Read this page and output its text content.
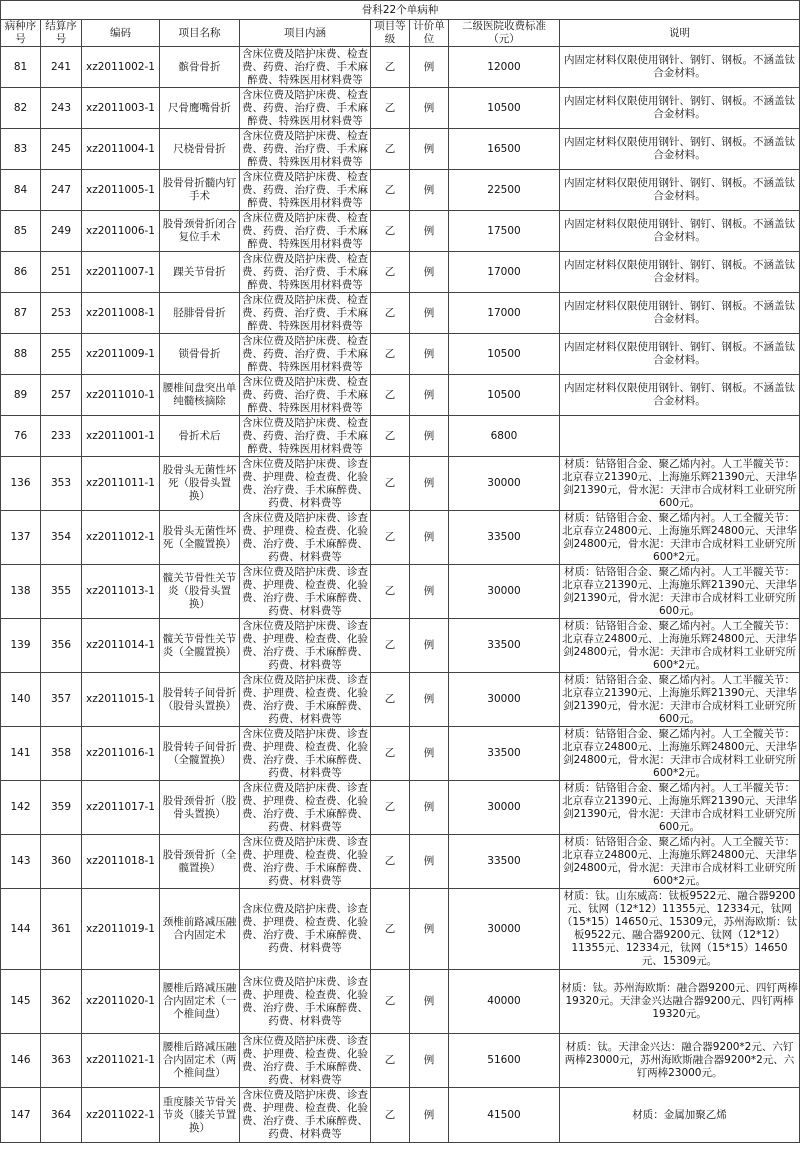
骨科22个单病种								
病种序号	结算序号	编码	项目名称	项目内涵	项目等级	计价单位	二级医院收费标准（元）	说明
81	241	xz2011002-1	髌骨骨折	含床位费及陪护床费、检查费、药费、治疗费、手术麻醉费、特殊医用材料费等	乙	例	12000	内固定材料仅限使用钢针、钢钉、钢板。不涵盖钛合金材料。
82	243	xz2011003-1	尺骨鹰嘴骨折	含床位费及陪护床费、检查费、药费、治疗费、手术麻醉费、特殊医用材料费等	乙	例	10500	内固定材料仅限使用钢针、钢钉、钢板。不涵盖钛合金材料。
83	245	xz2011004-1	尺桡骨骨折	含床位费及陪护床费、检查费、药费、治疗费、手术麻醉费、特殊医用材料费等	乙	例	16500	内固定材料仅限使用钢针、钢钉、钢板。不涵盖钛合金材料。
84	247	xz2011005-1	股骨骨折髓内钉手术	含床位费及陪护床费、检查费、药费、治疗费、手术麻醉费、特殊医用材料费等	乙	例	22500	内固定材料仅限使用钢针、钢钉、钢板。不涵盖钛合金材料。
85	249	xz2011006-1	股骨颈骨折闭合复位手术	含床位费及陪护床费、检查费、药费、治疗费、手术麻醉费、特殊医用材料费等	乙	例	17500	内固定材料仅限使用钢针、钢钉、钢板。不涵盖钛合金材料。
86	251	xz2011007-1	踝关节骨折	含床位费及陪护床费、检查费、药费、治疗费、手术麻醉费、特殊医用材料费等	乙	例	17000	内固定材料仅限使用钢针、钢钉、钢板。不涵盖钛合金材料。
87	253	xz2011008-1	胫腓骨骨折	含床位费及陪护床费、检查费、药费、治疗费、手术麻醉费、特殊医用材料费等	乙	例	17000	内固定材料仅限使用钢针、钢钉、钢板。不涵盖钛合金材料。
88	255	xz2011009-1	锁骨骨折	含床位费及陪护床费、检查费、药费、治疗费、手术麻醉费、特殊医用材料费等	乙	例	10500	内固定材料仅限使用钢针、钢钉、钢板。不涵盖钛合金材料。
89	257	xz2011010-1	腰椎间盘突出单纯髓核摘除	含床位费及陪护床费、检查费、药费、治疗费、手术麻醉费、特殊医用材料费等	乙	例	10500	内固定材料仅限使用钢针、钢钉、钢板。不涵盖钛合金材料。
76	233	xz2011001-1	骨折术后	含床位费及陪护床费、检查费、药费、治疗费、手术麻醉费、特殊医用材料费等	乙	例	6800	
136	353	xz2011011-1	股骨头无菌性坏死（股骨头置换）	含床位费及陪护床费、诊查费、护理费、检查费、化验费、治疗费、手术麻醉费、药费、材料费等	乙	例	30000	材质：钴铬钼合金、聚乙烯内衬。人工半髋关节：北京春立21390元、上海施乐辉21390元、天津华剑21390元，骨水泥：天津市合成材料工业研究所600元。
137	354	xz2011012-1	股骨头无菌性坏死（全髋置换）	含床位费及陪护床费、诊查费、护理费、检查费、化验费、治疗费、手术麻醉费、药费、材料费等	乙	例	33500	材质：钴铬钼合金、聚乙烯内衬。人工全髋关节：北京春立24800元、上海施乐辉24800元、天津华剑24800元，骨水泥：天津市合成材料工业研究所600*2元。
138	355	xz2011013-1	髋关节骨性关节炎（股骨头置换）	含床位费及陪护床费、诊查费、护理费、检查费、化验费、治疗费、手术麻醉费、药费、材料费等	乙	例	30000	材质：钴铬钼合金、聚乙烯内衬。人工半髋关节：北京春立21390元、上海施乐辉21390元、天津华剑21390元，骨水泥：天津市合成材料工业研究所600元。
139	356	xz2011014-1	髋关节骨性关节炎（全髋置换）	含床位费及陪护床费、诊查费、护理费、检查费、化验费、治疗费、手术麻醉费、药费、材料费等	乙	例	33500	材质：钴铬钼合金、聚乙烯内衬。人工全髋关节：北京春立24800元、上海施乐辉24800元、天津华剑24800元，骨水泥：天津市合成材料工业研究所600*2元。
140	357	xz2011015-1	股骨转子间骨折（股骨头置换）	含床位费及陪护床费、诊查费、护理费、检查费、化验费、治疗费、手术麻醉费、药费、材料费等	乙	例	30000	材质：钴铬钼合金、聚乙烯内衬。人工半髋关节：北京春立21390元、上海施乐辉21390元、天津华剑21390元，骨水泥：天津市合成材料工业研究所600元。
141	358	xz2011016-1	股骨转子间骨折（全髋置换）	含床位费及陪护床费、诊查费、护理费、检查费、化验费、治疗费、手术麻醉费、药费、材料费等	乙	例	33500	材质：钴铬钼合金、聚乙烯内衬。人工全髋关节：北京春立24800元、上海施乐辉24800元、天津华剑24800元，骨水泥：天津市合成材料工业研究所600*2元。
142	359	xz2011017-1	股骨颈骨折（股骨头置换）	含床位费及陪护床费、诊查费、护理费、检查费、化验费、治疗费、手术麻醉费、药费、材料费等	乙	例	30000	材质：钴铬钼合金、聚乙烯内衬。人工半髋关节：北京春立21390元、上海施乐辉21390元、天津华剑21390元，骨水泥：天津市合成材料工业研究所600元。
143	360	xz2011018-1	股骨颈骨折（全髋置换）	含床位费及陪护床费、诊查费、护理费、检查费、化验费、治疗费、手术麻醉费、药费、材料费等	乙	例	33500	材质：钴铬钼合金、聚乙烯内衬。人工全髋关节：北京春立24800元、上海施乐辉24800元、天津华剑24800元，骨水泥：天津市合成材料工业研究所600*2元。
144	361	xz2011019-1	颈椎前路减压融合内固定术	含床位费及陪护床费、诊查费、护理费、检查费、化验费、治疗费、手术麻醉费、药费、材料费等	乙	例	30000	材质：钛。山东威高：钛板9522元、融合器9200元、钛网（12*12）11355元、12334元，钛网（15*15）14650元、15309元，苏州海欧斯：钛板9522元、融合器9200元、钛网（12*12）11355元、12334元，钛网（15*15）14650元、15309元。
145	362	xz2011020-1	腰椎后路减压融合内固定术（一个椎间盘）	含床位费及陪护床费、诊查费、护理费、检查费、化验费、治疗费、手术麻醉费、药费、材料费等	乙	例	40000	材质：钛。苏州海欧斯：融合器9200元、四钉两棒19320元。天津金兴达融合器9200元、四钉两棒19320元。
146	363	xz2011021-1	腰椎后路减压融合内固定术（两个椎间盘）	含床位费及陪护床费、诊查费、护理费、检查费、化验费、治疗费、手术麻醉费、药费、材料费等	乙	例	51600	材质：钛。天津金兴达：融合器9200*2元、六钉两棒23000元，苏州海欧斯融合器9200*2元、六钉两棒23000元。
147	364	xz2011022-1	重度膝关节骨关节炎（膝关节置换）	含床位费及陪护床费、诊查费、护理费、检查费、化验费、治疗费、手术麻醉费、药费、材料费等	乙	例	41500	材质：金属加聚乙烯
